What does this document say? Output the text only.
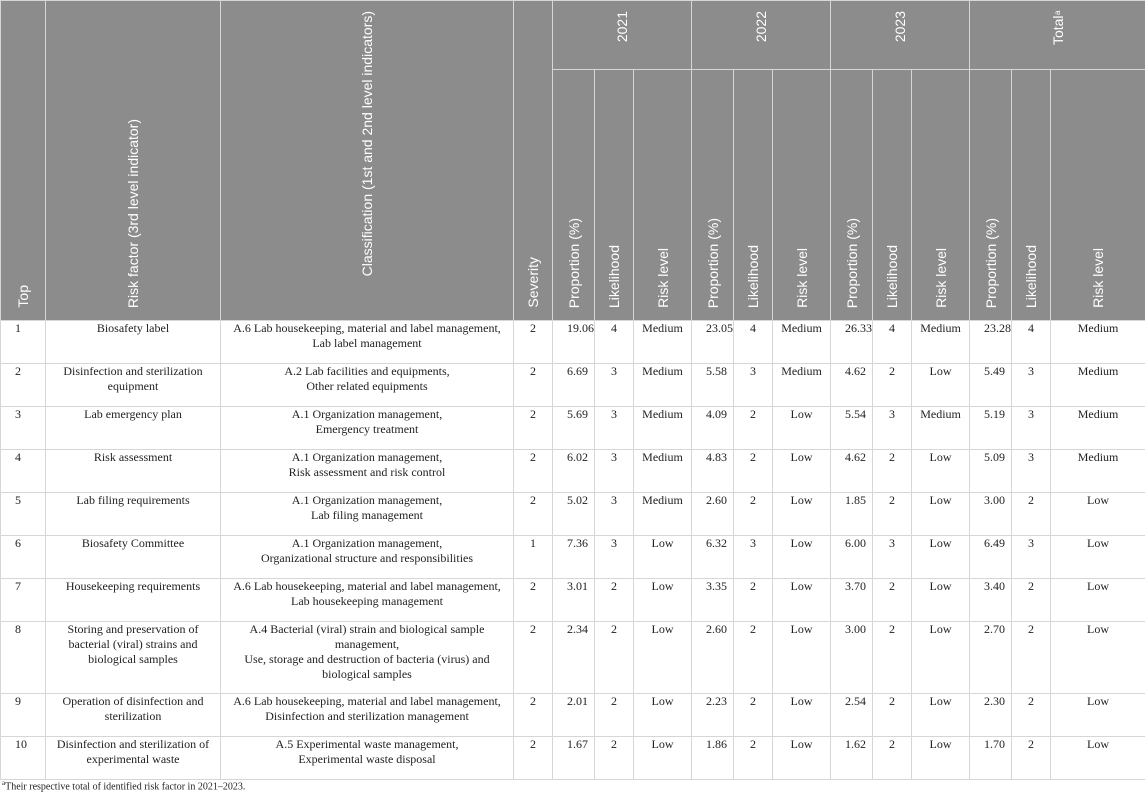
Top	Risk factor (3rd level indicator)	Classification (1st and 2nd level indicators)	Severity	2021			2022			2023			Totala		

				Proportion (%)	Likelihood	Risk level	Proportion (%)	Likelihood	Risk level	Proportion (%)	Likelihood	Risk level	Proportion (%)	Likelihood	Risk level

1	Biosafety label	A.6 Lab housekeeping, material and label management,
Lab label management	2	19.06	4	Medium	23.05	4	Medium	26.33	4	Medium	23.28	4	Medium
2	Disinfection and sterilization equipment	A.2 Lab facilities and equipments,
Other related equipments	2	6.69	3	Medium	5.58	3	Medium	4.62	2	Low	5.49	3	Medium
3	Lab emergency plan	A.1 Organization management,
Emergency treatment	2	5.69	3	Medium	4.09	2	Low	5.54	3	Medium	5.19	3	Medium
4	Risk assessment	A.1 Organization management,
Risk assessment and risk control	2	6.02	3	Medium	4.83	2	Low	4.62	2	Low	5.09	3	Medium
5	Lab filing requirements	A.1 Organization management,
Lab filing management	2	5.02	3	Medium	2.60	2	Low	1.85	2	Low	3.00	2	Low
6	Biosafety Committee	A.1 Organization management,
Organizational structure and responsibilities	1	7.36	3	Low	6.32	3	Low	6.00	3	Low	6.49	3	Low
7	Housekeeping requirements	A.6 Lab housekeeping, material and label management,
Lab housekeeping management	2	3.01	2	Low	3.35	2	Low	3.70	2	Low	3.40	2	Low
8	Storing and preservation of bacterial (viral) strains and biological samples	A.4 Bacterial (viral) strain and biological sample management,
Use, storage and destruction of bacteria (virus) and biological samples	2	2.34	2	Low	2.60	2	Low	3.00	2	Low	2.70	2	Low
9	Operation of disinfection and sterilization	A.6 Lab housekeeping, material and label management,
Disinfection and sterilization management	2	2.01	2	Low	2.23	2	Low	2.54	2	Low	2.30	2	Low
10	Disinfection and sterilization of experimental waste	A.5 Experimental waste management,
Experimental waste disposal	2	1.67	2	Low	1.86	2	Low	1.62	2	Low	1.70	2	Low
$^a$Their respective total of identified risk factor in 2021–2023.
